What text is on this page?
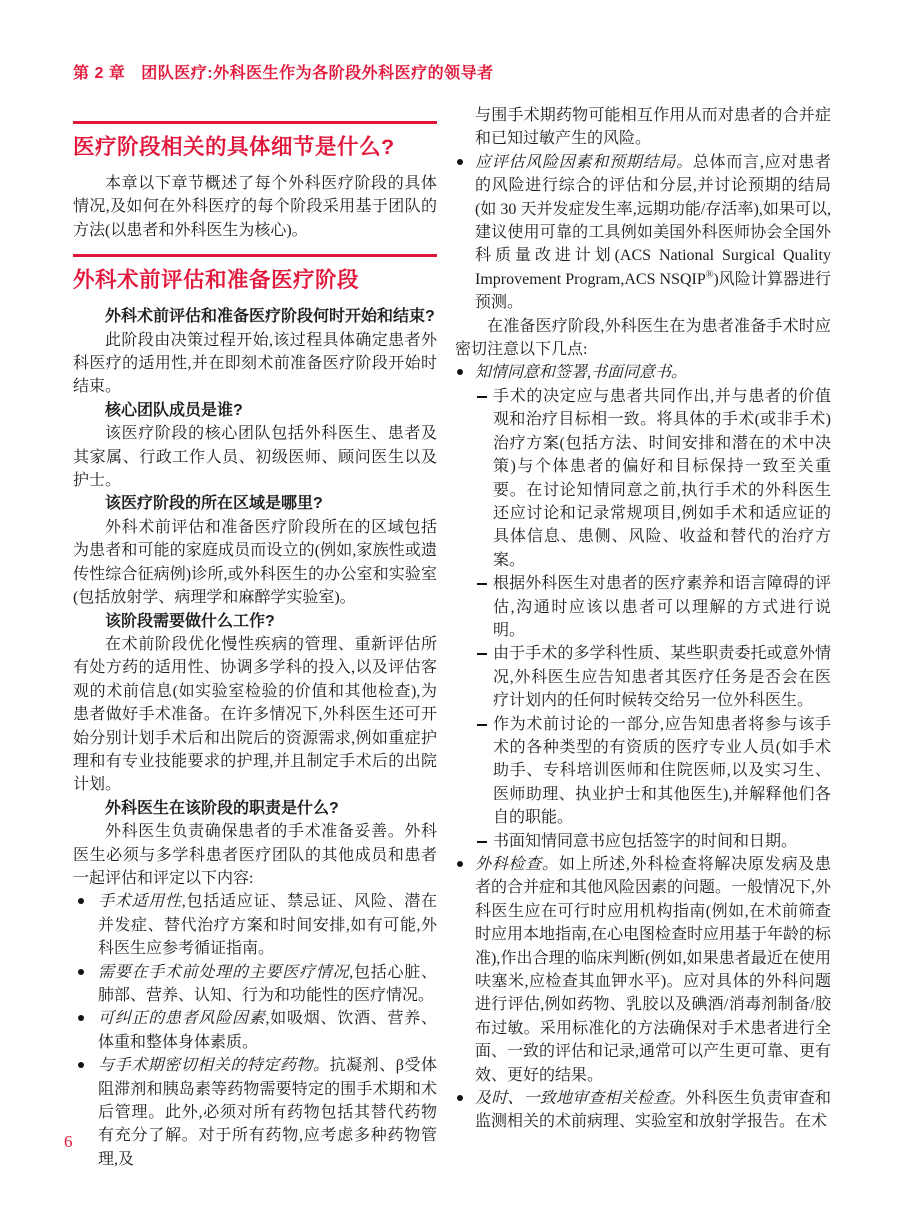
第 2 章 团队医疗:外科医生作为各阶段外科医疗的领导者
医疗阶段相关的具体细节是什么?

本章以下章节概述了每个外科医疗阶段的具体情况,及如何在外科医疗的每个阶段采用基于团队的方法(以患者和外科医生为核心)。

外科术前评估和准备医疗阶段

外科术前评估和准备医疗阶段何时开始和结束?

此阶段由决策过程开始,该过程具体确定患者外科医疗的适用性,并在即刻术前准备医疗阶段开始时结束。

核心团队成员是谁?

该医疗阶段的核心团队包括外科医生、患者及其家属、行政工作人员、初级医师、顾问医生以及护士。

该医疗阶段的所在区域是哪里?

外科术前评估和准备医疗阶段所在的区域包括为患者和可能的家庭成员而设立的(例如,家族性或遗传性综合征病例)诊所,或外科医生的办公室和实验室(包括放射学、病理学和麻醉学实验室)。

该阶段需要做什么工作?

在术前阶段优化慢性疾病的管理、重新评估所有处方药的适用性、协调多学科的投入,以及评估客观的术前信息(如实验室检验的价值和其他检查),为患者做好手术准备。在许多情况下,外科医生还可开始分别计划手术后和出院后的资源需求,例如重症护理和有专业技能要求的护理,并且制定手术后的出院计划。

外科医生在该阶段的职责是什么?

外科医生负责确保患者的手术准备妥善。外科医生必须与多学科患者医疗团队的其他成员和患者一起评估和评定以下内容:

手术适用性,包括适应证、禁忌证、风险、潜在并发症、替代治疗方案和时间安排,如有可能,外科医生应参考循证指南。
需要在手术前处理的主要医疗情况,包括心脏、肺部、营养、认知、行为和功能性的医疗情况。
可纠正的患者风险因素,如吸烟、饮酒、营养、体重和整体身体素质。
与手术期密切相关的特定药物。抗凝剂、β受体阻滞剂和胰岛素等药物需要特定的围手术期和术后管理。此外,必须对所有药物包括其替代药物有充分了解。对于所有药物,应考虑多种药物管理,及

与围手术期药物可能相互作用从而对患者的合并症和已知过敏产生的风险。

应评估风险因素和预期结局。总体而言,应对患者的风险进行综合的评估和分层,并讨论预期的结局(如 30 天并发症发生率,远期功能/存活率),如果可以,建议使用可靠的工具例如美国外科医师协会全国外科质量改进计划(ACS National Surgical Quality Improvement Program,ACS NSQIP®)风险计算器进行预测。

在准备医疗阶段,外科医生在为患者准备手术时应密切注意以下几点:

知情同意和签署,书面同意书。
手术的决定应与患者共同作出,并与患者的价值观和治疗目标相一致。将具体的手术(或非手术)治疗方案(包括方法、时间安排和潜在的术中决策)与个体患者的偏好和目标保持一致至关重要。在讨论知情同意之前,执行手术的外科医生还应讨论和记录常规项目,例如手术和适应证的具体信息、患侧、风险、收益和替代的治疗方案。
根据外科医生对患者的医疗素养和语言障碍的评估,沟通时应该以患者可以理解的方式进行说明。
由于手术的多学科性质、某些职责委托或意外情况,外科医生应告知患者其医疗任务是否会在医疗计划内的任何时候转交给另一位外科医生。
作为术前讨论的一部分,应告知患者将参与该手术的各种类型的有资质的医疗专业人员(如手术助手、专科培训医师和住院医师,以及实习生、医师助理、执业护士和其他医生),并解释他们各自的职能。
书面知情同意书应包括签字的时间和日期。
外科检查。如上所述,外科检查将解决原发病及患者的合并症和其他风险因素的问题。一般情况下,外科医生应在可行时应用机构指南(例如,在术前筛查时应用本地指南,在心电图检查时应用基于年龄的标准),作出合理的临床判断(例如,如果患者最近在使用呋塞米,应检查其血钾水平)。应对具体的外科问题进行评估,例如药物、乳胶以及碘酒/消毒剂制备/胶布过敏。采用标准化的方法确保对手术患者进行全面、一致的评估和记录,通常可以产生更可靠、更有效、更好的结果。
及时、一致地审查相关检查。外科医生负责审查和监测相关的术前病理、实验室和放射学报告。在术
6
